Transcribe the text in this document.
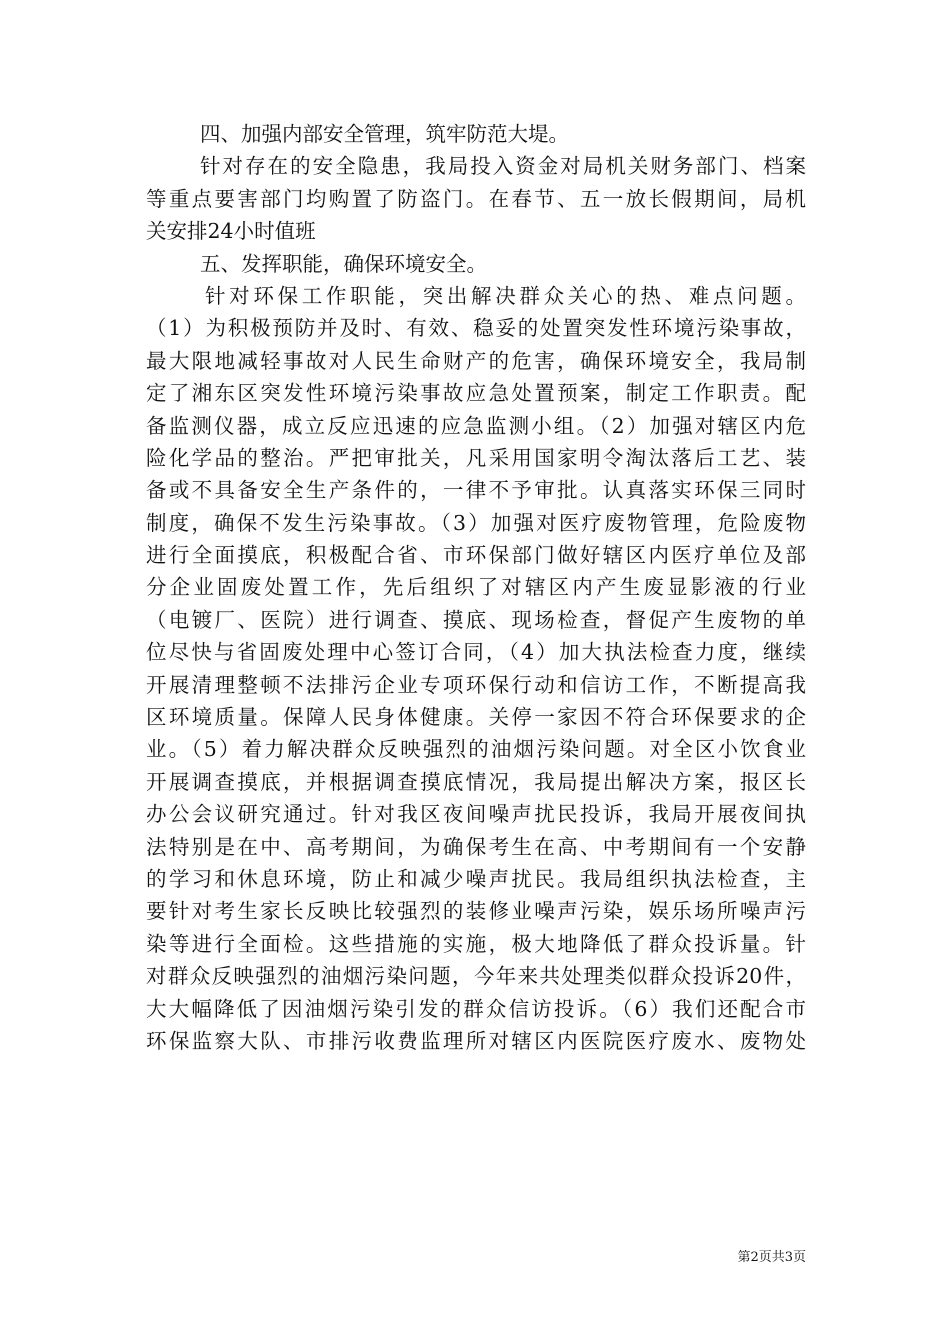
四、加强内部安全管理，筑牢防范大堤。
针对存在的安全隐患，我局投入资金对局机关财务部门、档案
等重点要害部门均购置了防盗门。在春节、五一放长假期间，局机
关安排24小时值班
五、发挥职能，确保环境安全。
针对环保工作职能，突出解决群众关心的热、难点问题。
（1）为积极预防并及时、有效、稳妥的处置突发性环境污染事故，
最大限地减轻事故对人民生命财产的危害，确保环境安全，我局制
定了湘东区突发性环境污染事故应急处置预案，制定工作职责。配
备监测仪器，成立反应迅速的应急监测小组。（2）加强对辖区内危
险化学品的整治。严把审批关，凡采用国家明令淘汰落后工艺、装
备或不具备安全生产条件的，一律不予审批。认真落实环保三同时
制度，确保不发生污染事故。（3）加强对医疗废物管理，危险废物
进行全面摸底，积极配合省、市环保部门做好辖区内医疗单位及部
分企业固废处置工作，先后组织了对辖区内产生废显影液的行业
（电镀厂、医院）进行调查、摸底、现场检查，督促产生废物的单
位尽快与省固废处理中心签订合同，（4）加大执法检查力度，继续
开展清理整顿不法排污企业专项环保行动和信访工作，不断提高我
区环境质量。保障人民身体健康。关停一家因不符合环保要求的企
业。（5）着力解决群众反映强烈的油烟污染问题。对全区小饮食业
开展调查摸底，并根据调查摸底情况，我局提出解决方案，报区长
办公会议研究通过。针对我区夜间噪声扰民投诉，我局开展夜间执
法特别是在中、高考期间，为确保考生在高、中考期间有一个安静
的学习和休息环境，防止和减少噪声扰民。我局组织执法检查，主
要针对考生家长反映比较强烈的装修业噪声污染，娱乐场所噪声污
染等进行全面检。这些措施的实施，极大地降低了群众投诉量。针
对群众反映强烈的油烟污染问题，今年来共处理类似群众投诉20件，
大大幅降低了因油烟污染引发的群众信访投诉。（6）我们还配合市
环保监察大队、市排污收费监理所对辖区内医院医疗废水、废物处
第2页共3页
